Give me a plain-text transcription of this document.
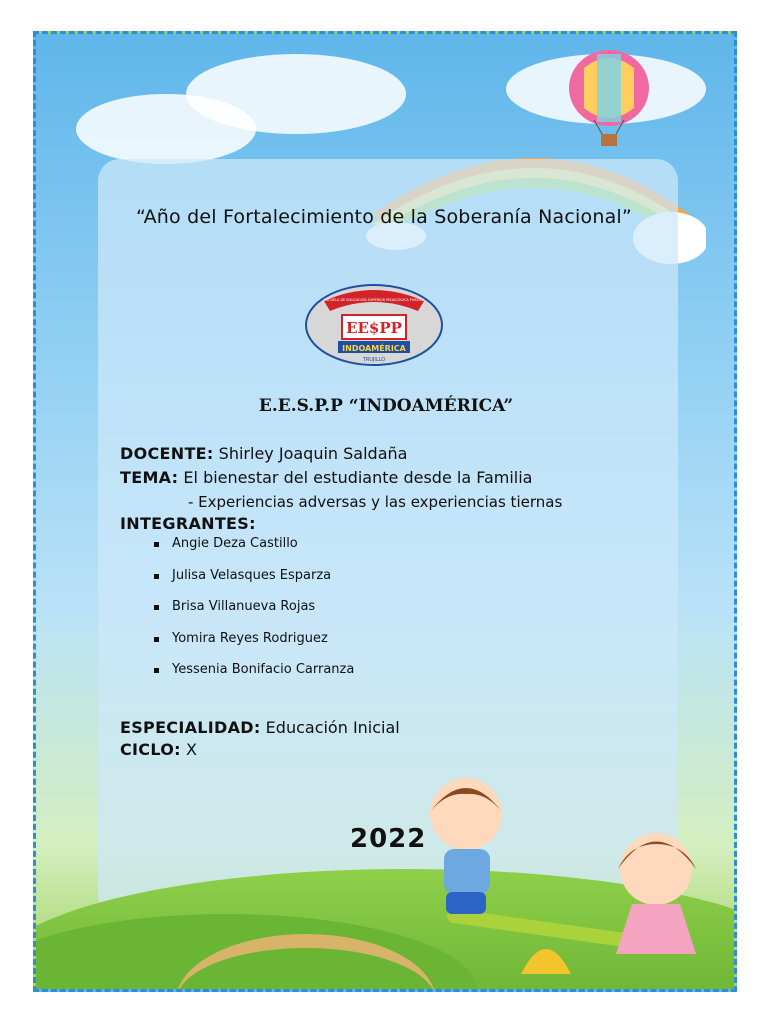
“Año del Fortalecimiento de la Soberanía Nacional”
EE$PP
INDOAMÉRICA
TRUJILLO
ESCUELA DE EDUCACIÓN SUPERIOR PEDAGÓGICA PÚBLICA
E.E.S.P.P “INDOAMÉRICA”
DOCENTE: Shirley Joaquin Saldaña
TEMA: El bienestar del estudiante desde la Familia
- Experiencias adversas y las experiencias tiernas
INTEGRANTES:
Angie Deza Castillo
Julisa Velasques Esparza
Brisa Villanueva Rojas
Yomira Reyes Rodriguez
Yessenia Bonifacio Carranza
ESPECIALIDAD: Educación Inicial
CICLO: X
2022
